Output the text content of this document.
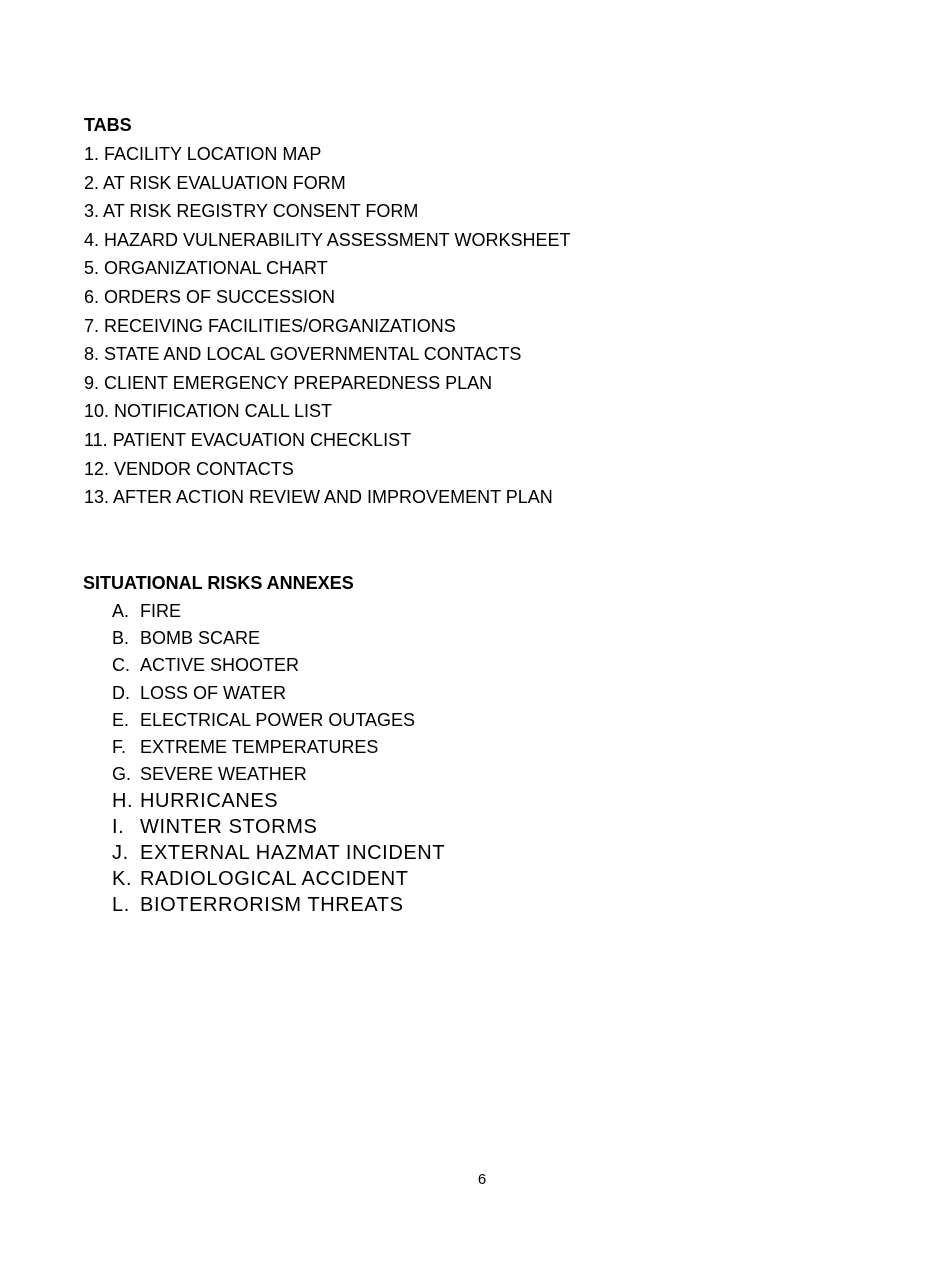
TABS
1. FACILITY LOCATION MAP
2. AT RISK EVALUATION FORM
3. AT RISK REGISTRY CONSENT FORM
4. HAZARD VULNERABILITY ASSESSMENT WORKSHEET
5. ORGANIZATIONAL CHART
6. ORDERS OF SUCCESSION
7. RECEIVING FACILITIES/ORGANIZATIONS
8. STATE AND LOCAL GOVERNMENTAL CONTACTS
9. CLIENT EMERGENCY PREPAREDNESS PLAN
10. NOTIFICATION CALL LIST
11. PATIENT EVACUATION CHECKLIST
12. VENDOR CONTACTS
13. AFTER ACTION REVIEW AND IMPROVEMENT PLAN
SITUATIONAL RISKS ANNEXES
A. FIRE
B. BOMB SCARE
C. ACTIVE SHOOTER
D. LOSS OF WATER
E. ELECTRICAL POWER OUTAGES
F. EXTREME TEMPERATURES
G. SEVERE WEATHER
H. HURRICANES
I. WINTER STORMS
J. EXTERNAL HAZMAT INCIDENT
K. RADIOLOGICAL ACCIDENT
L. BIOTERRORISM THREATS
6
